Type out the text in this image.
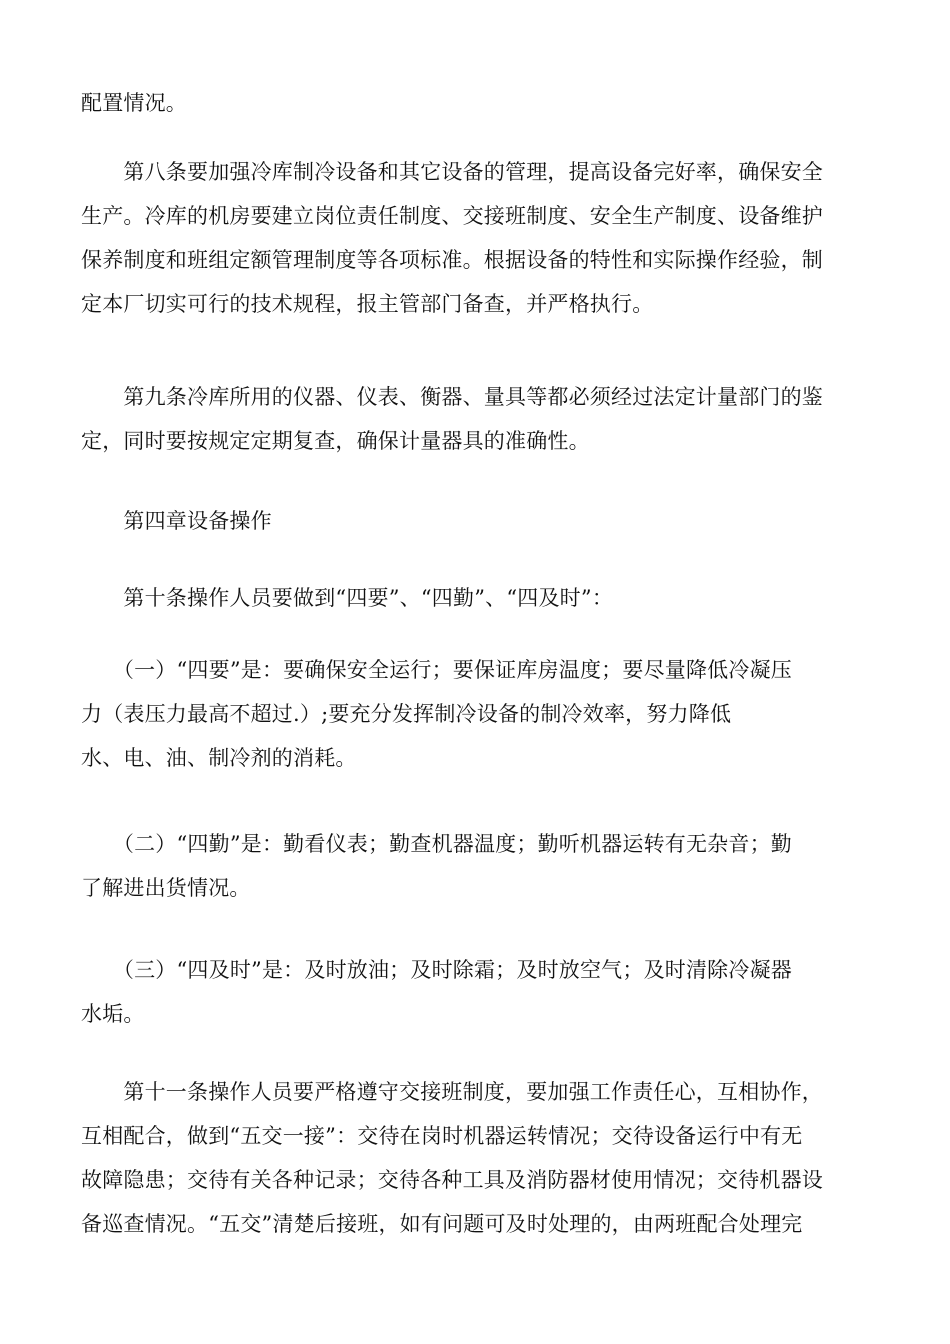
配置情况。
　　第八条要加强冷库制冷设备和其它设备的管理，提高设备完好率，确保安全
生产。冷库的机房要建立岗位责任制度、交接班制度、安全生产制度、设备维护
保养制度和班组定额管理制度等各项标准。根据设备的特性和实际操作经验，制
定本厂切实可行的技术规程，报主管部门备查，并严格执行。
　　第九条冷库所用的仪器、仪表、衡器、量具等都必须经过法定计量部门的鉴
定，同时要按规定定期复查，确保计量器具的准确性。
　　第四章设备操作
　　第十条操作人员要做到“四要”、“四勤”、“四及时”：
　　（一）“四要”是：要确保安全运行；要保证库房温度；要尽量降低冷凝压
力（表压力最高不超过.）;要充分发挥制冷设备的制冷效率，努力降低
水、电、油、制冷剂的消耗。
　　（二）“四勤”是：勤看仪表；勤查机器温度；勤听机器运转有无杂音；勤
了解进出货情况。
　　（三）“四及时”是：及时放油；及时除霜；及时放空气；及时清除冷凝器
水垢。
　　第十一条操作人员要严格遵守交接班制度，要加强工作责任心，互相协作，
互相配合，做到“五交一接”：交待在岗时机器运转情况；交待设备运行中有无
故障隐患；交待有关各种记录；交待各种工具及消防器材使用情况；交待机器设
备巡查情况。“五交”清楚后接班，如有问题可及时处理的，由两班配合处理完
